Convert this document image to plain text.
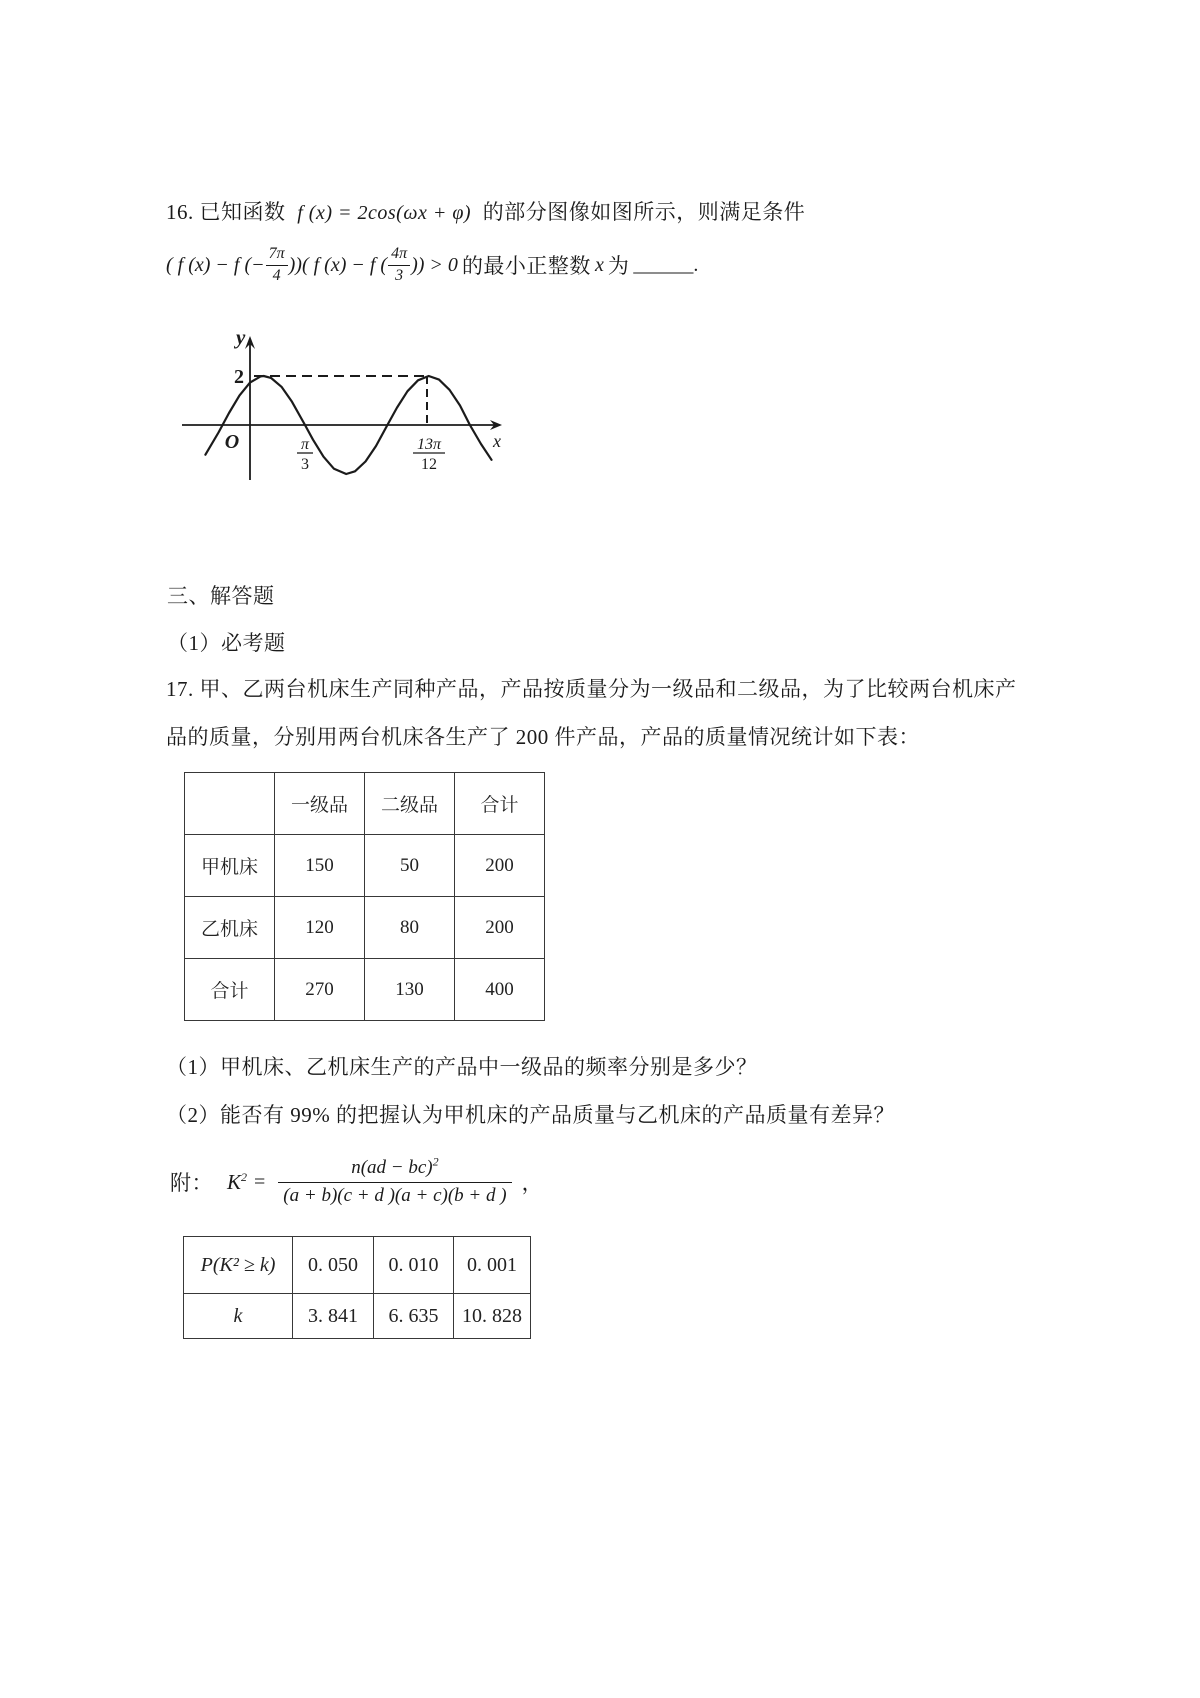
16. 已知函数 f (x) = 2cos(ωx + φ) 的部分图像如图所示，则满足条件
( f (x) − f (− $\frac{7\pi}{4}$ ))( f (x) − f ( $\frac{4\pi}{3}$ )) > 0 的最小正整数 x 为 ______ .
y
2
O	x
π
3
13π
12
三、解答题
（1）必考题
17. 甲、乙两台机床生产同种产品，产品按质量分为一级品和二级品，为了比较两台机床产
品的质量，分别用两台机床各生产了 200 件产品，产品的质量情况统计如下表：
	一级品	二级品	合计
甲机床	150	50	200
乙机床	120	80	200
合计	270	130	400
（1）甲机床、乙机床生产的产品中一级品的频率分别是多少？
（2）能否有 99% 的把握认为甲机床的产品质量与乙机床的产品质量有差异？
附： $K^2 = \frac{n(ad - bc)^2}{(a + b)(c + d )(a + c)(b + d )}$ ，
P(K² ≥ k)	0. 050	0. 010	0. 001
k	3. 841	6. 635	10. 828
